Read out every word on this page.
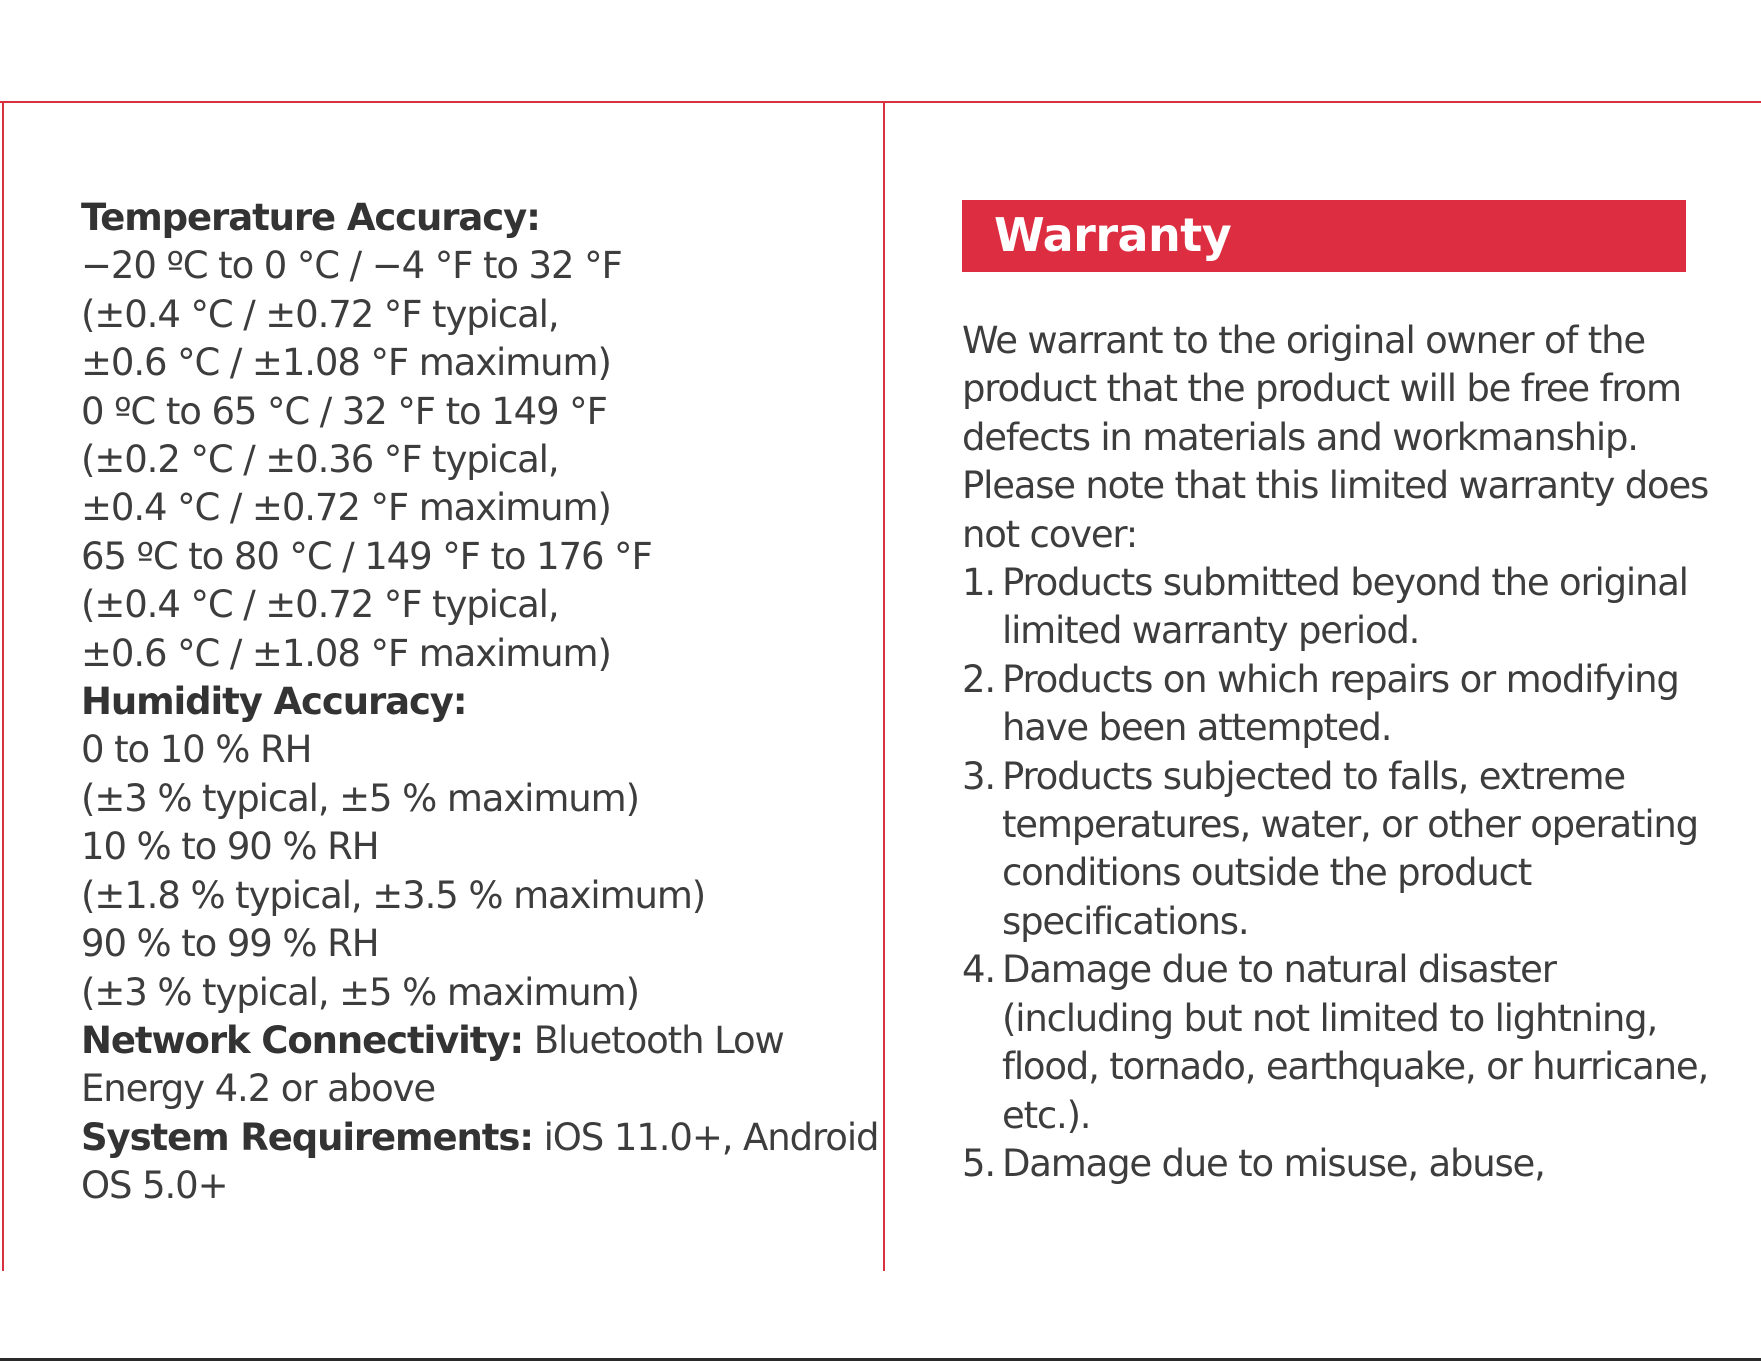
Temperature Accuracy:
−20 ºC to 0 °C / −4 °F to 32 °F
(±0.4 °C / ±0.72 °F typical,
±0.6 °C / ±1.08 °F maximum)
0 ºC to 65 °C / 32 °F to 149 °F
(±0.2 °C / ±0.36 °F typical,
±0.4 °C / ±0.72 °F maximum)
65 ºC to 80 °C / 149 °F to 176 °F
(±0.4 °C / ±0.72 °F typical,
±0.6 °C / ±1.08 °F maximum)
Humidity Accuracy:
0 to 10 % RH
(±3 % typical, ±5 % maximum)
10 % to 90 % RH
(±1.8 % typical, ±3.5 % maximum)
90 % to 99 % RH
(±3 % typical, ±5 % maximum)
Network Connectivity: Bluetooth Low
Energy 4.2 or above
System Requirements: iOS 11.0+, Android
OS 5.0+
Warranty
We warrant to the original owner of the
product that the product will be free from
defects in materials and workmanship.
Please note that this limited warranty does
not cover:
1. Products submitted beyond the original
limited warranty period.
2. Products on which repairs or modifying
have been attempted.
3. Products subjected to falls, extreme
temperatures, water, or other operating
conditions outside the product
specifications.
4. Damage due to natural disaster
(including but not limited to lightning,
flood, tornado, earthquake, or hurricane,
etc.).
5. Damage due to misuse, abuse,
